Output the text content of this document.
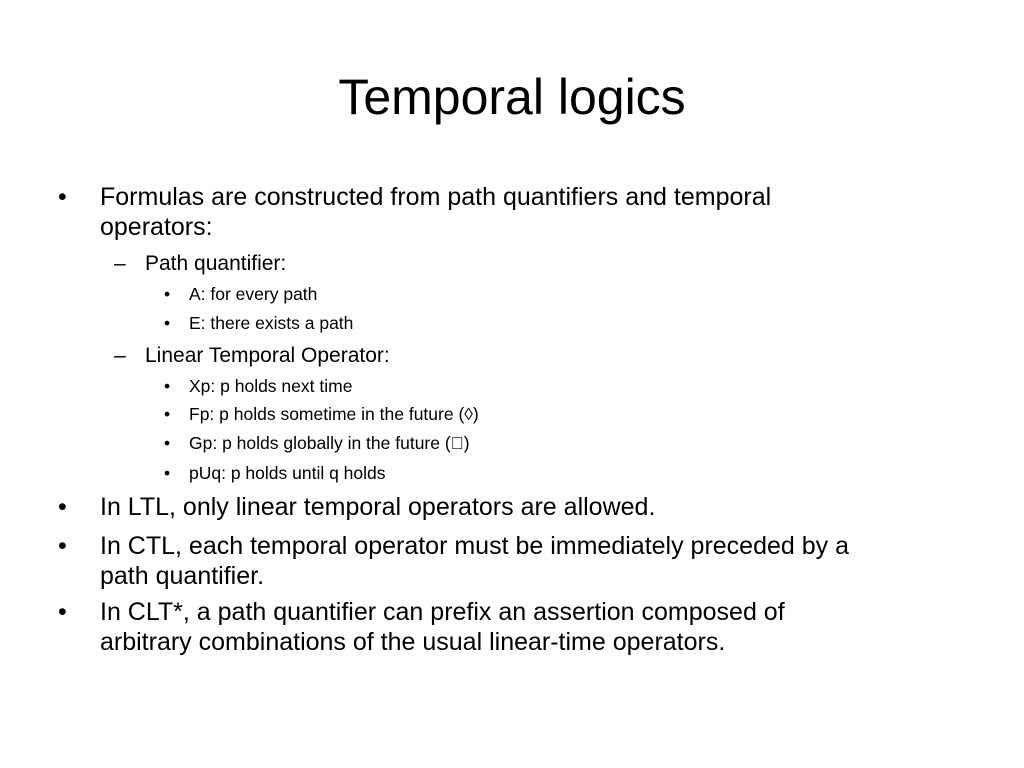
Temporal logics
• Formulas are constructed from path quantifiers and temporal
operators:
– Path quantifier:
• A: for every path
• E: there exists a path
– Linear Temporal Operator:
• Xp: p holds next time
• Fp: p holds sometime in the future (◊)
• Gp: p holds globally in the future ( )
• pUq: p holds until q holds
• In LTL, only linear temporal operators are allowed.
• In CTL, each temporal operator must be immediately preceded by a
path quantifier.
• In CLT*, a path quantifier can prefix an assertion composed of
arbitrary combinations of the usual linear-time operators.
